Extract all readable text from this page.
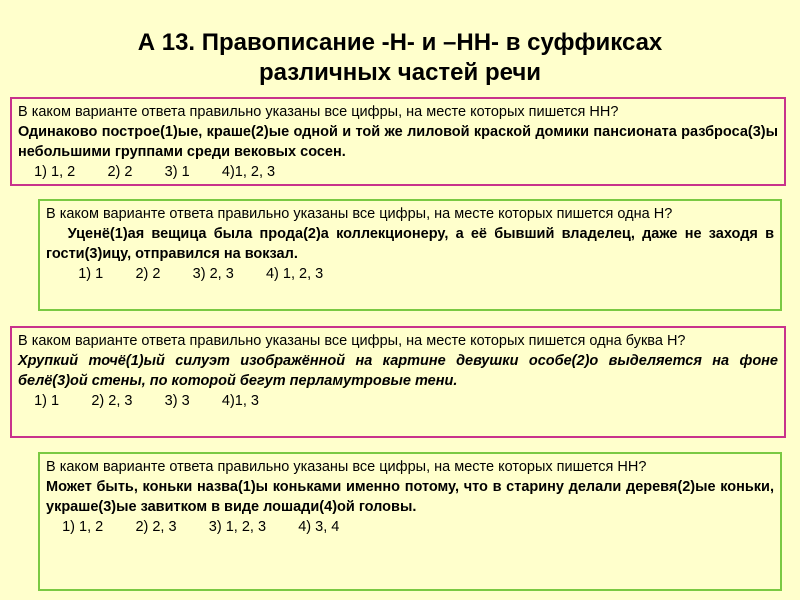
А 13. Правописание -Н- и –НН- в суффиксах
различных частей речи
В каком варианте ответа правильно указаны все цифры, на месте которых пишется НН?
Одинаково построе(1)ые, краше(2)ые одной и той же лиловой краской домики пансионата разброса(3)ы небольшими группами среди вековых сосен.
1) 1, 2        2) 2        3) 1        4)1, 2, 3
В каком варианте ответа правильно указаны все цифры, на месте которых пишется одна Н?
Уценё(1)ая вещица была прода(2)а коллекционеру, а её бывший владелец, даже не заходя в гости(3)ицу, отправился на вокзал.
1) 1        2) 2        3) 2, 3        4) 1, 2, 3
В каком варианте ответа правильно указаны все цифры, на месте которых пишется одна буква Н?
Хрупкий точё(1)ый силуэт изображённой на картине девушки особе(2)о выделяется на фоне белё(3)ой стены, по которой бегут перламутровые тени.
1) 1        2) 2, 3        3) 3        4)1, 3
В каком варианте ответа правильно указаны все цифры, на месте которых пишется НН?
Может быть, коньки назва(1)ы коньками именно потому, что в старину делали деревя(2)ые коньки, украше(3)ые завитком в виде лошади(4)ой головы.
1) 1, 2        2) 2, 3        3) 1, 2, 3        4) 3, 4
